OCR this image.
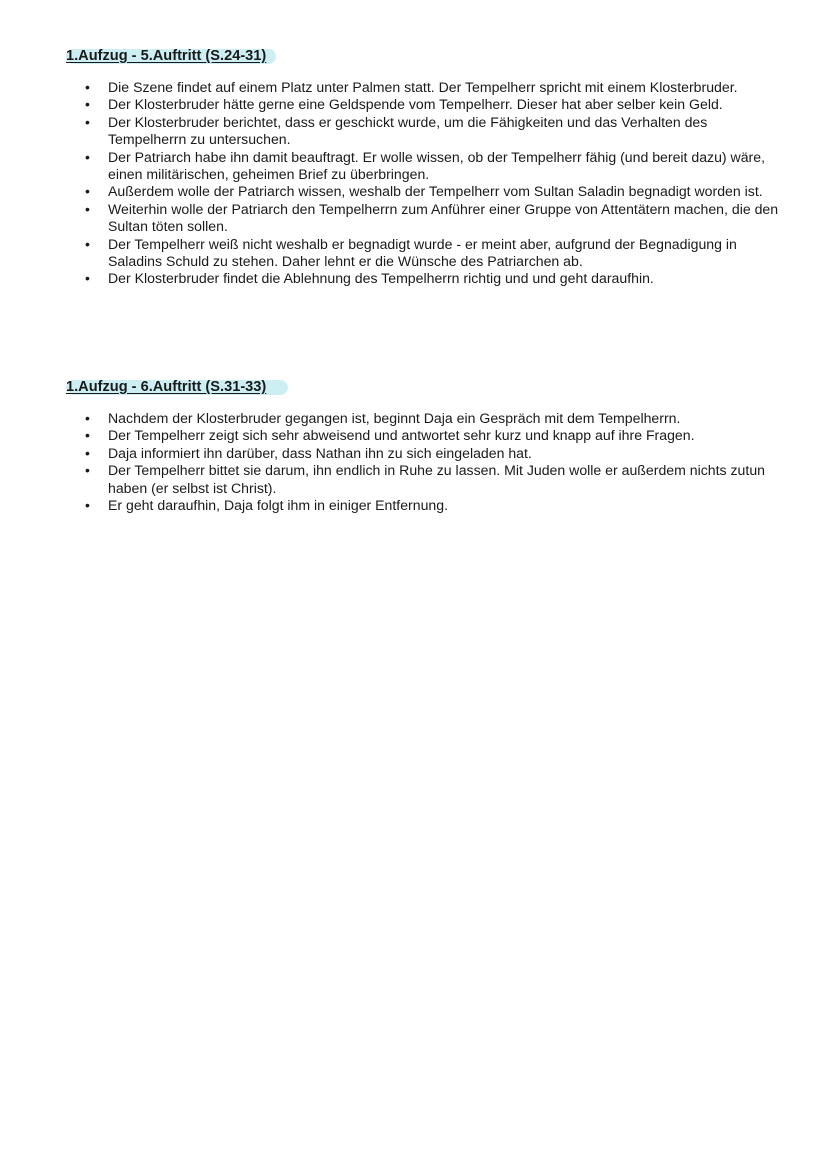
1.Aufzug - 5.Auftritt (S.24-31)
• Die Szene findet auf einem Platz unter Palmen statt. Der Tempelherr spricht mit einem Klosterbruder.
• Der Klosterbruder hätte gerne eine Geldspende vom Tempelherr. Dieser hat aber selber kein Geld.
• Der Klosterbruder berichtet, dass er geschickt wurde, um die Fähigkeiten und das Verhalten des Tempelherrn zu untersuchen.
• Der Patriarch habe ihn damit beauftragt. Er wolle wissen, ob der Tempelherr fähig (und bereit dazu) wäre, einen militärischen, geheimen Brief zu überbringen.
• Außerdem wolle der Patriarch wissen, weshalb der Tempelherr vom Sultan Saladin begnadigt worden ist.
• Weiterhin wolle der Patriarch den Tempelherrn zum Anführer einer Gruppe von Attentätern machen, die den Sultan töten sollen.
• Der Tempelherr weiß nicht weshalb er begnadigt wurde - er meint aber, aufgrund der Begnadigung in Saladins Schuld zu stehen. Daher lehnt er die Wünsche des Patriarchen ab.
• Der Klosterbruder findet die Ablehnung des Tempelherrn richtig und und geht daraufhin.
1.Aufzug - 6.Auftritt (S.31-33)
• Nachdem der Klosterbruder gegangen ist, beginnt Daja ein Gespräch mit dem Tempelherrn.
• Der Tempelherr zeigt sich sehr abweisend und antwortet sehr kurz und knapp auf ihre Fragen.
• Daja informiert ihn darüber, dass Nathan ihn zu sich eingeladen hat.
• Der Tempelherr bittet sie darum, ihn endlich in Ruhe zu lassen. Mit Juden wolle er außerdem nichts zutun haben (er selbst ist Christ).
• Er geht daraufhin, Daja folgt ihm in einiger Entfernung.
